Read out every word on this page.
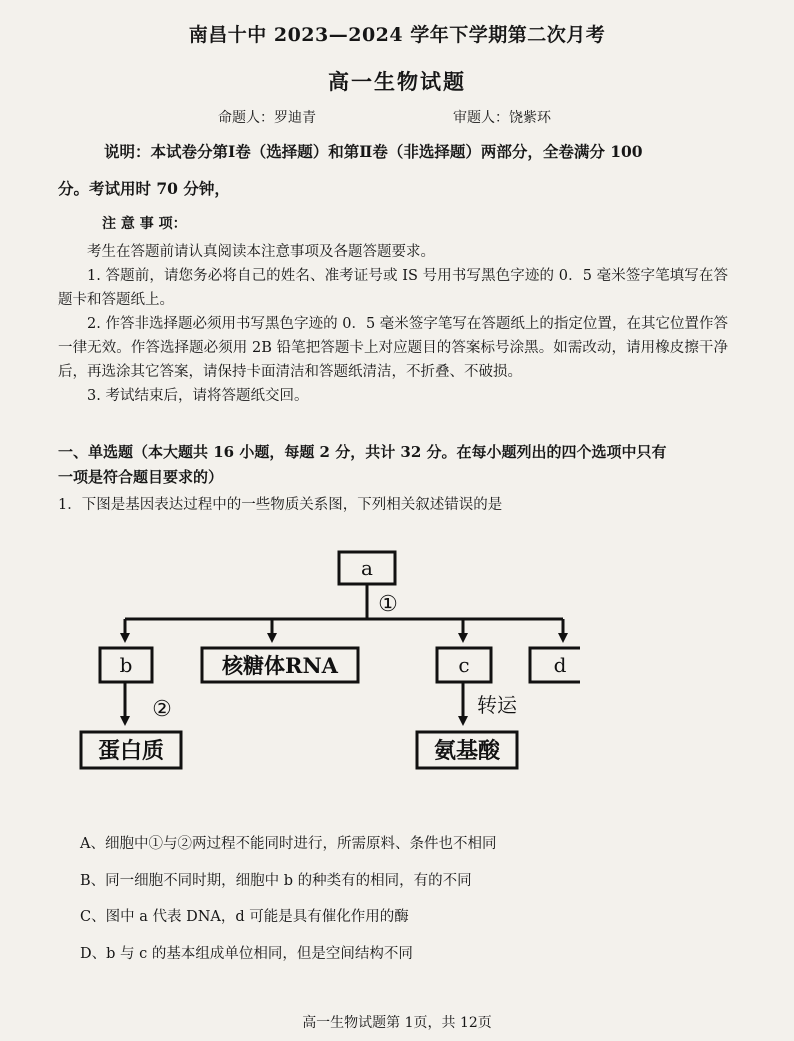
南昌十中 2023—2024 学年下学期第二次月考
高一生物试题
命题人：罗迪青	审题人：饶紫环
说明：本试卷分第Ⅰ卷（选择题）和第Ⅱ卷（非选择题）两部分，全卷满分 100
分。考试用时 70 分钟，
注 意 事 项：

考生在答题前请认真阅读本注意事项及各题答题要求。

1. 答题前，请您务必将自己的姓名、准考证号或 IS 号用书写黑色字迹的 0．5 毫米签字笔填写在答题卡和答题纸上。

2. 作答非选择题必须用书写黑色字迹的 0．5 毫米签字笔写在答题纸上的指定位置，在其它位置作答一律无效。作答选择题必须用 2B 铅笔把答题卡上对应题目的答案标号涂黑。如需改动，请用橡皮擦干净后，再选涂其它答案，请保持卡面清洁和答题纸清洁，不折叠、不破损。

3. 考试结束后，请将答题纸交回。

一、单选题（本大题共 16 小题，每题 2 分，共计 32 分。在每小题列出的四个选项中只有
一项是符合题目要求的）
1．下图是基因表达过程中的一些物质关系图，下列相关叙述错误的是
a
①
b	核糖体RNA	c	d
②	转运
蛋白质	氨基酸
A、细胞中①与②两过程不能同时进行，所需原料、条件也不相同
B、同一细胞不同时期，细胞中 b 的种类有的相同，有的不同
C、图中 a 代表 DNA，d 可能是具有催化作用的酶
D、b 与 c 的基本组成单位相同，但是空间结构不同
高一生物试题第 1页，共 12页
